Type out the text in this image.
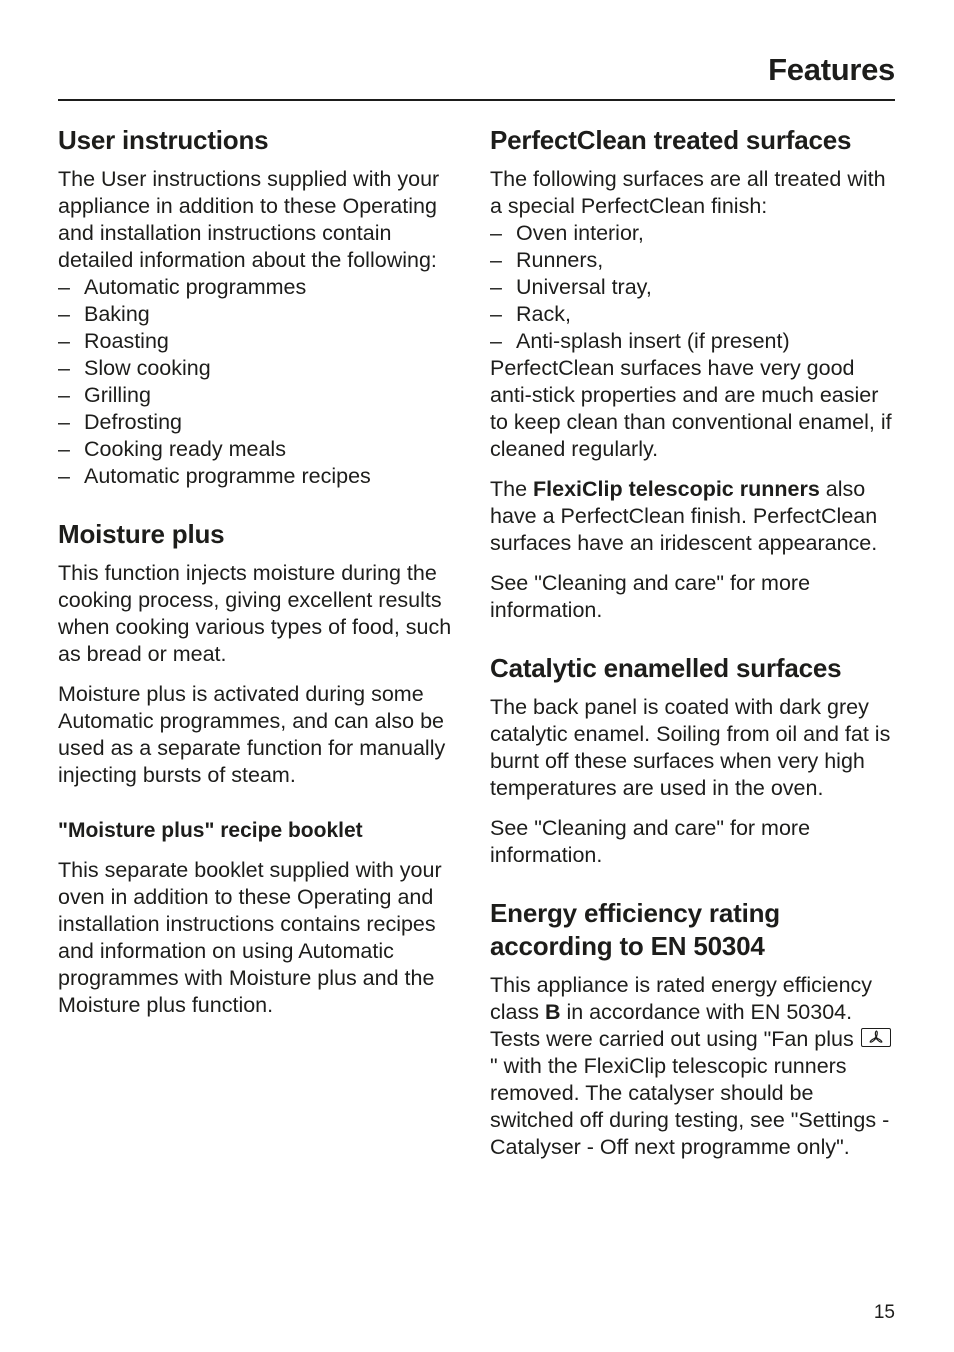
Features
User instructions

The User instructions supplied with your appliance in addition to these Operating and installation instructions contain detailed information about the following:

– Automatic programmes
– Baking
– Roasting
– Slow cooking
– Grilling
– Defrosting
– Cooking ready meals
– Automatic programme recipes
Moisture plus

This function injects moisture during the cooking process, giving excellent results when cooking various types of food, such as bread or meat.

Moisture plus is activated during some Automatic programmes, and can also be used as a separate function for manually injecting bursts of steam.

"Moisture plus" recipe booklet

This separate booklet supplied with your oven in addition to these Operating and installation instructions contains recipes and information on using Automatic programmes with Moisture plus and the Moisture plus function.

PerfectClean treated surfaces

The following surfaces are all treated with a special PerfectClean finish:

– Oven interior,
– Runners,
– Universal tray,
– Rack,
– Anti-splash insert (if present)

PerfectClean surfaces have very good anti-stick properties and are much easier to keep clean than conventional enamel, if cleaned regularly.

The FlexiClip telescopic runners also have a PerfectClean finish. PerfectClean surfaces have an iridescent appearance.

See "Cleaning and care" for more information.

Catalytic enamelled surfaces

The back panel is coated with dark grey catalytic enamel. Soiling from oil and fat is burnt off these surfaces when very high temperatures are used in the oven.

See "Cleaning and care" for more information.

Energy efficiency rating according to EN 50304

This appliance is rated energy efficiency class B in accordance with EN 50304.

Tests were carried out using "Fan plus
" with the FlexiClip telescopic runners removed. The catalyser should be switched off during testing, see "Settings - Catalyser - Off next programme only".

15
